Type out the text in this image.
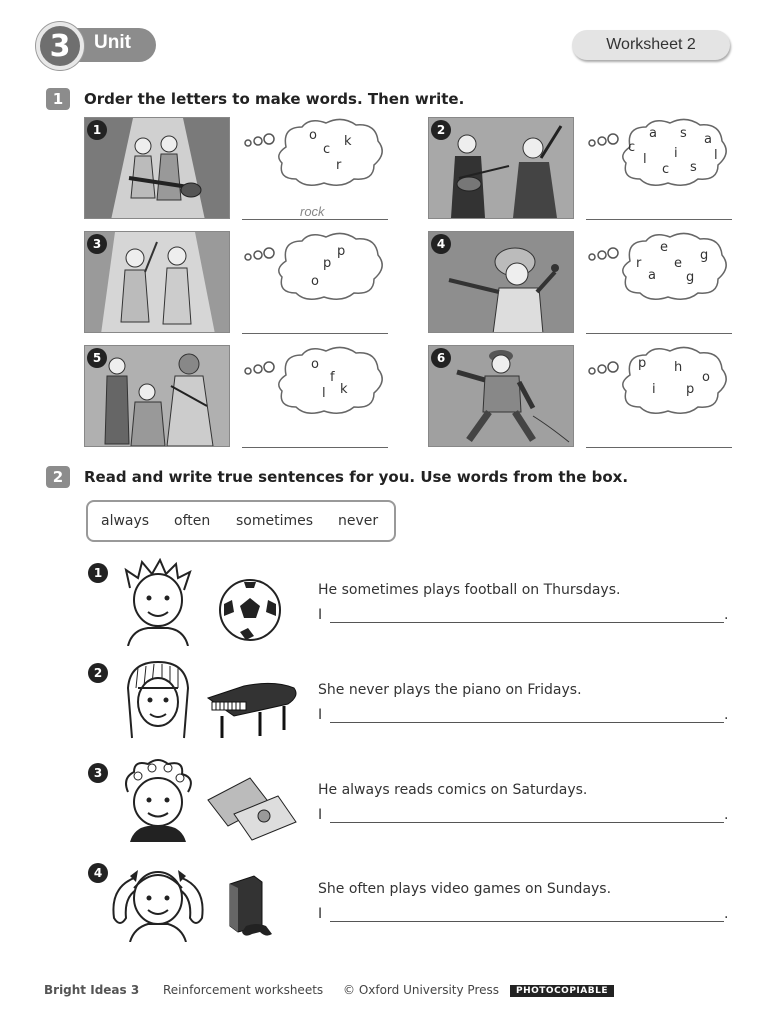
3	Unit	Worksheet 2
1	Order the letters to make words. Then write.
1	o
c
k
r
rock
2	a s
c
a
i
l	l
c s
3	p
p
o
4	e
r	e
g
a g
5	o
f
l k
6	p h
o
i p
2	Read and write true sentences for you. Use words from the box.
always often sometimes never
1
He sometimes plays football on Thursdays.
I	.
2
She never plays the piano on Fridays.
I	.
3
He always reads comics on Saturdays.
I	.
4
She often plays video games on Sundays.
I	.
Bright Ideas 3 Reinforcement worksheets © Oxford University Press	PHOTOCOPIABLE
